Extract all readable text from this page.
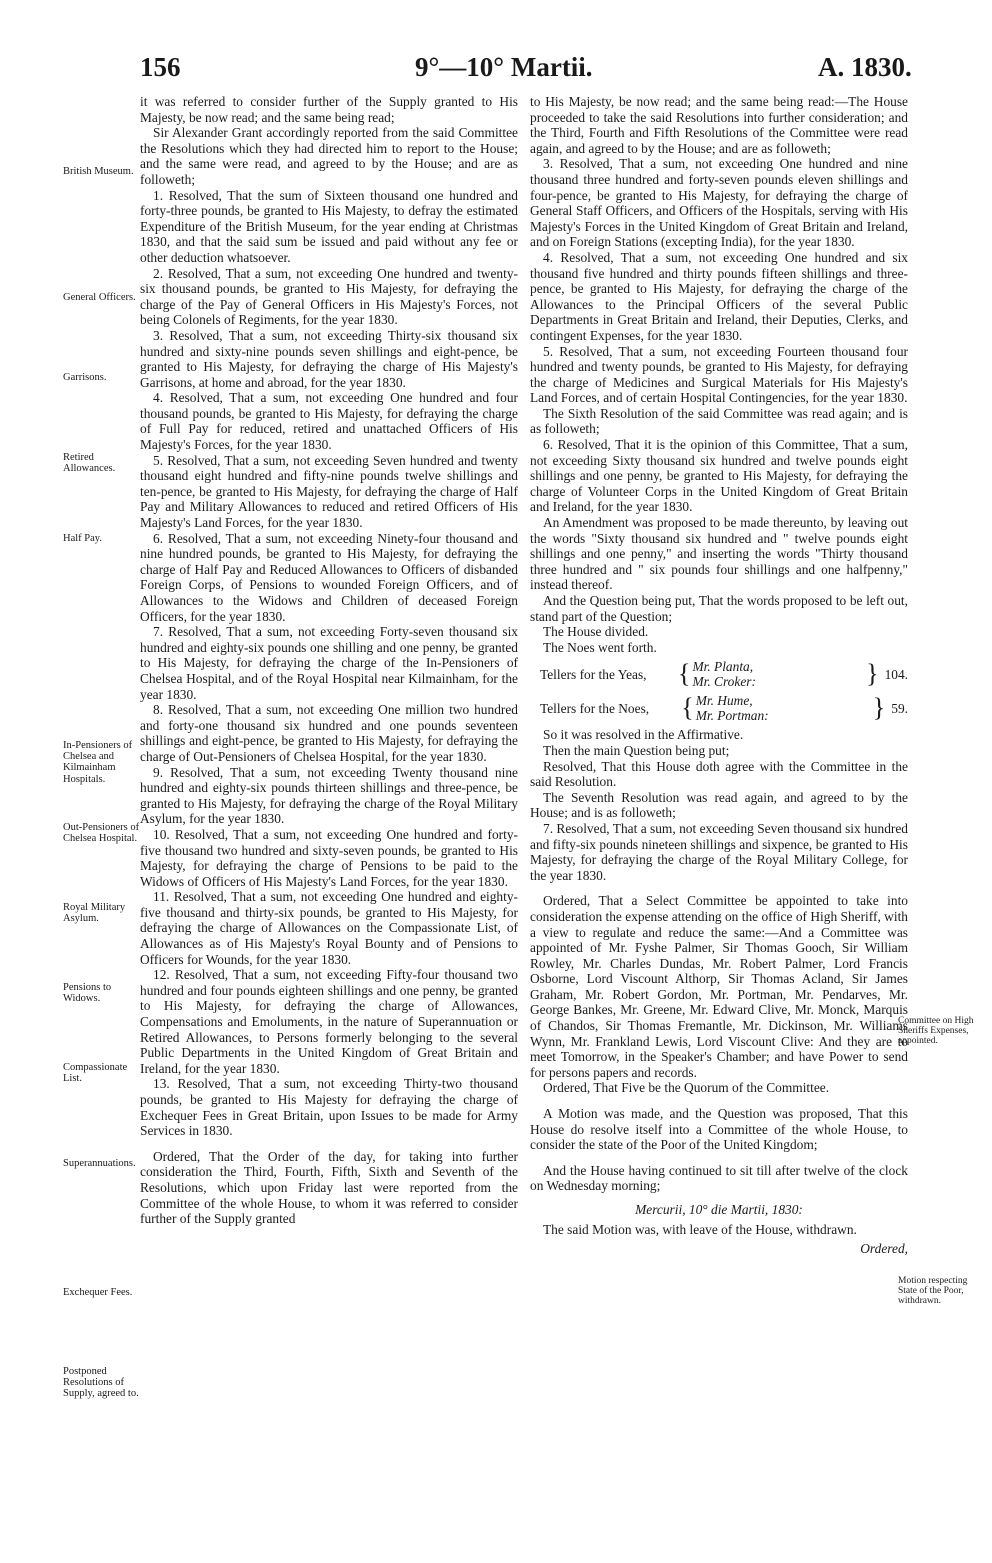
156	9°—10° Martii.	A. 1830.

it was referred to consider further of the Supply granted to His Majesty, be now read; and the same being read;

Sir Alexander Grant accordingly reported from the said Committee the Resolutions which they had directed him to report to the House; and the same were read, and agreed to by the House; and are as followeth;

1. Resolved, That the sum of Sixteen thousand one hundred and forty-three pounds, be granted to His Majesty, to defray the estimated Expenditure of the British Museum, for the year ending at Christmas 1830, and that the said sum be issued and paid without any fee or other deduction whatsoever.

2. Resolved, That a sum, not exceeding One hundred and twenty-six thousand pounds, be granted to His Majesty, for defraying the charge of the Pay of General Officers in His Majesty's Forces, not being Colonels of Regiments, for the year 1830.

3. Resolved, That a sum, not exceeding Thirty-six thousand six hundred and sixty-nine pounds seven shillings and eight-pence, be granted to His Majesty, for defraying the charge of His Majesty's Garrisons, at home and abroad, for the year 1830.

4. Resolved, That a sum, not exceeding One hundred and four thousand pounds, be granted to His Majesty, for defraying the charge of Full Pay for reduced, retired and unattached Officers of His Majesty's Forces, for the year 1830.

5. Resolved, That a sum, not exceeding Seven hundred and twenty thousand eight hundred and fifty-nine pounds twelve shillings and ten-pence, be granted to His Majesty, for defraying the charge of Half Pay and Military Allowances to reduced and retired Officers of His Majesty's Land Forces, for the year 1830.

6. Resolved, That a sum, not exceeding Ninety-four thousand and nine hundred pounds, be granted to His Majesty, for defraying the charge of Half Pay and Reduced Allowances to Officers of disbanded Foreign Corps, of Pensions to wounded Foreign Officers, and of Allowances to the Widows and Children of deceased Foreign Officers, for the year 1830.

7. Resolved, That a sum, not exceeding Forty-seven thousand six hundred and eighty-six pounds one shilling and one penny, be granted to His Majesty, for defraying the charge of the In-Pensioners of Chelsea Hospital, and of the Royal Hospital near Kilmainham, for the year 1830.

8. Resolved, That a sum, not exceeding One million two hundred and forty-one thousand six hundred and one pounds seventeen shillings and eight-pence, be granted to His Majesty, for defraying the charge of Out-Pensioners of Chelsea Hospital, for the year 1830.

9. Resolved, That a sum, not exceeding Twenty thousand nine hundred and eighty-six pounds thirteen shillings and three-pence, be granted to His Majesty, for defraying the charge of the Royal Military Asylum, for the year 1830.

10. Resolved, That a sum, not exceeding One hundred and forty-five thousand two hundred and sixty-seven pounds, be granted to His Majesty, for defraying the charge of Pensions to be paid to the Widows of Officers of His Majesty's Land Forces, for the year 1830.

11. Resolved, That a sum, not exceeding One hundred and eighty-five thousand and thirty-six pounds, be granted to His Majesty, for defraying the charge of Allowances on the Compassionate List, of Allowances as of His Majesty's Royal Bounty and of Pensions to Officers for Wounds, for the year 1830.

12. Resolved, That a sum, not exceeding Fifty-four thousand two hundred and four pounds eighteen shillings and one penny, be granted to His Majesty, for defraying the charge of Allowances, Compensations and Emoluments, in the nature of Superannuation or Retired Allowances, to Persons formerly belonging to the several Public Departments in the United Kingdom of Great Britain and Ireland, for the year 1830.

13. Resolved, That a sum, not exceeding Thirty-two thousand pounds, be granted to His Majesty for defraying the charge of Exchequer Fees in Great Britain, upon Issues to be made for Army Services in 1830.

Ordered, That the Order of the day, for taking into further consideration the Third, Fourth, Fifth, Sixth and Seventh of the Resolutions, which upon Friday last were reported from the Committee of the whole House, to whom it was referred to consider further of the Supply granted

to His Majesty, be now read; and the same being read:—The House proceeded to take the said Resolutions into further consideration; and the Third, Fourth and Fifth Resolutions of the Committee were read again, and agreed to by the House; and are as followeth;

3. Resolved, That a sum, not exceeding One hundred and nine thousand three hundred and forty-seven pounds eleven shillings and four-pence, be granted to His Majesty, for defraying the charge of General Staff Officers, and Officers of the Hospitals, serving with His Majesty's Forces in the United Kingdom of Great Britain and Ireland, and on Foreign Stations (excepting India), for the year 1830.

4. Resolved, That a sum, not exceeding One hundred and six thousand five hundred and thirty pounds fifteen shillings and three-pence, be granted to His Majesty, for defraying the charge of the Allowances to the Principal Officers of the several Public Departments in Great Britain and Ireland, their Deputies, Clerks, and contingent Expenses, for the year 1830.

5. Resolved, That a sum, not exceeding Fourteen thousand four hundred and twenty pounds, be granted to His Majesty, for defraying the charge of Medicines and Surgical Materials for His Majesty's Land Forces, and of certain Hospital Contingencies, for the year 1830.

The Sixth Resolution of the said Committee was read again; and is as followeth;

6. Resolved, That it is the opinion of this Committee, That a sum, not exceeding Sixty thousand six hundred and twelve pounds eight shillings and one penny, be granted to His Majesty, for defraying the charge of Volunteer Corps in the United Kingdom of Great Britain and Ireland, for the year 1830.

An Amendment was proposed to be made thereunto, by leaving out the words "Sixty thousand six hundred and " twelve pounds eight shillings and one penny," and inserting the words "Thirty thousand three hundred and " six pounds four shillings and one halfpenny," instead thereof.

And the Question being put, That the words proposed to be left out, stand part of the Question;

The House divided.

The Noes went forth.

Tellers for the Yeas,	{ Mr. Planta,
Mr. Croker:	} 104.
Tellers for the Noes,	{ Mr. Hume,
Mr. Portman:	} 59.

So it was resolved in the Affirmative.

Then the main Question being put;

Resolved, That this House doth agree with the Committee in the said Resolution.

The Seventh Resolution was read again, and agreed to by the House; and is as followeth;

7. Resolved, That a sum, not exceeding Seven thousand six hundred and fifty-six pounds nineteen shillings and sixpence, be granted to His Majesty, for defraying the charge of the Royal Military College, for the year 1830.

Ordered, That a Select Committee be appointed to take into consideration the expense attending on the office of High Sheriff, with a view to regulate and reduce the same:—And a Committee was appointed of Mr. Fyshe Palmer, Sir Thomas Gooch, Sir William Rowley, Mr. Charles Dundas, Mr. Robert Palmer, Lord Francis Osborne, Lord Viscount Althorp, Sir Thomas Acland, Sir James Graham, Mr. Robert Gordon, Mr. Portman, Mr. Pendarves, Mr. George Bankes, Mr. Greene, Mr. Edward Clive, Mr. Monck, Marquis of Chandos, Sir Thomas Fremantle, Mr. Dickinson, Mr. Williams Wynn, Mr. Frankland Lewis, Lord Viscount Clive: And they are to meet Tomorrow, in the Speaker's Chamber; and have Power to send for persons papers and records.

Ordered, That Five be the Quorum of the Committee.

A Motion was made, and the Question was proposed, That this House do resolve itself into a Committee of the whole House, to consider the state of the Poor of the United Kingdom;

And the House having continued to sit till after twelve of the clock on Wednesday morning;

Mercurii, 10° die Martii, 1830:

The said Motion was, with leave of the House, withdrawn.

Ordered,

British Museum.
General Officers.
Garrisons.
Retired Allowances.
Half Pay.
In-Pensioners of Chelsea and Kilmainham Hospitals.
Out-Pensioners of Chelsea Hospital.
Royal Military Asylum.
Pensions to Widows.
Compassionate List.
Superannuations.
Exchequer Fees.
Postponed Resolutions of Supply, agreed to.
Committee on High Sheriffs Expenses, appointed.
Motion respecting State of the Poor, withdrawn.
